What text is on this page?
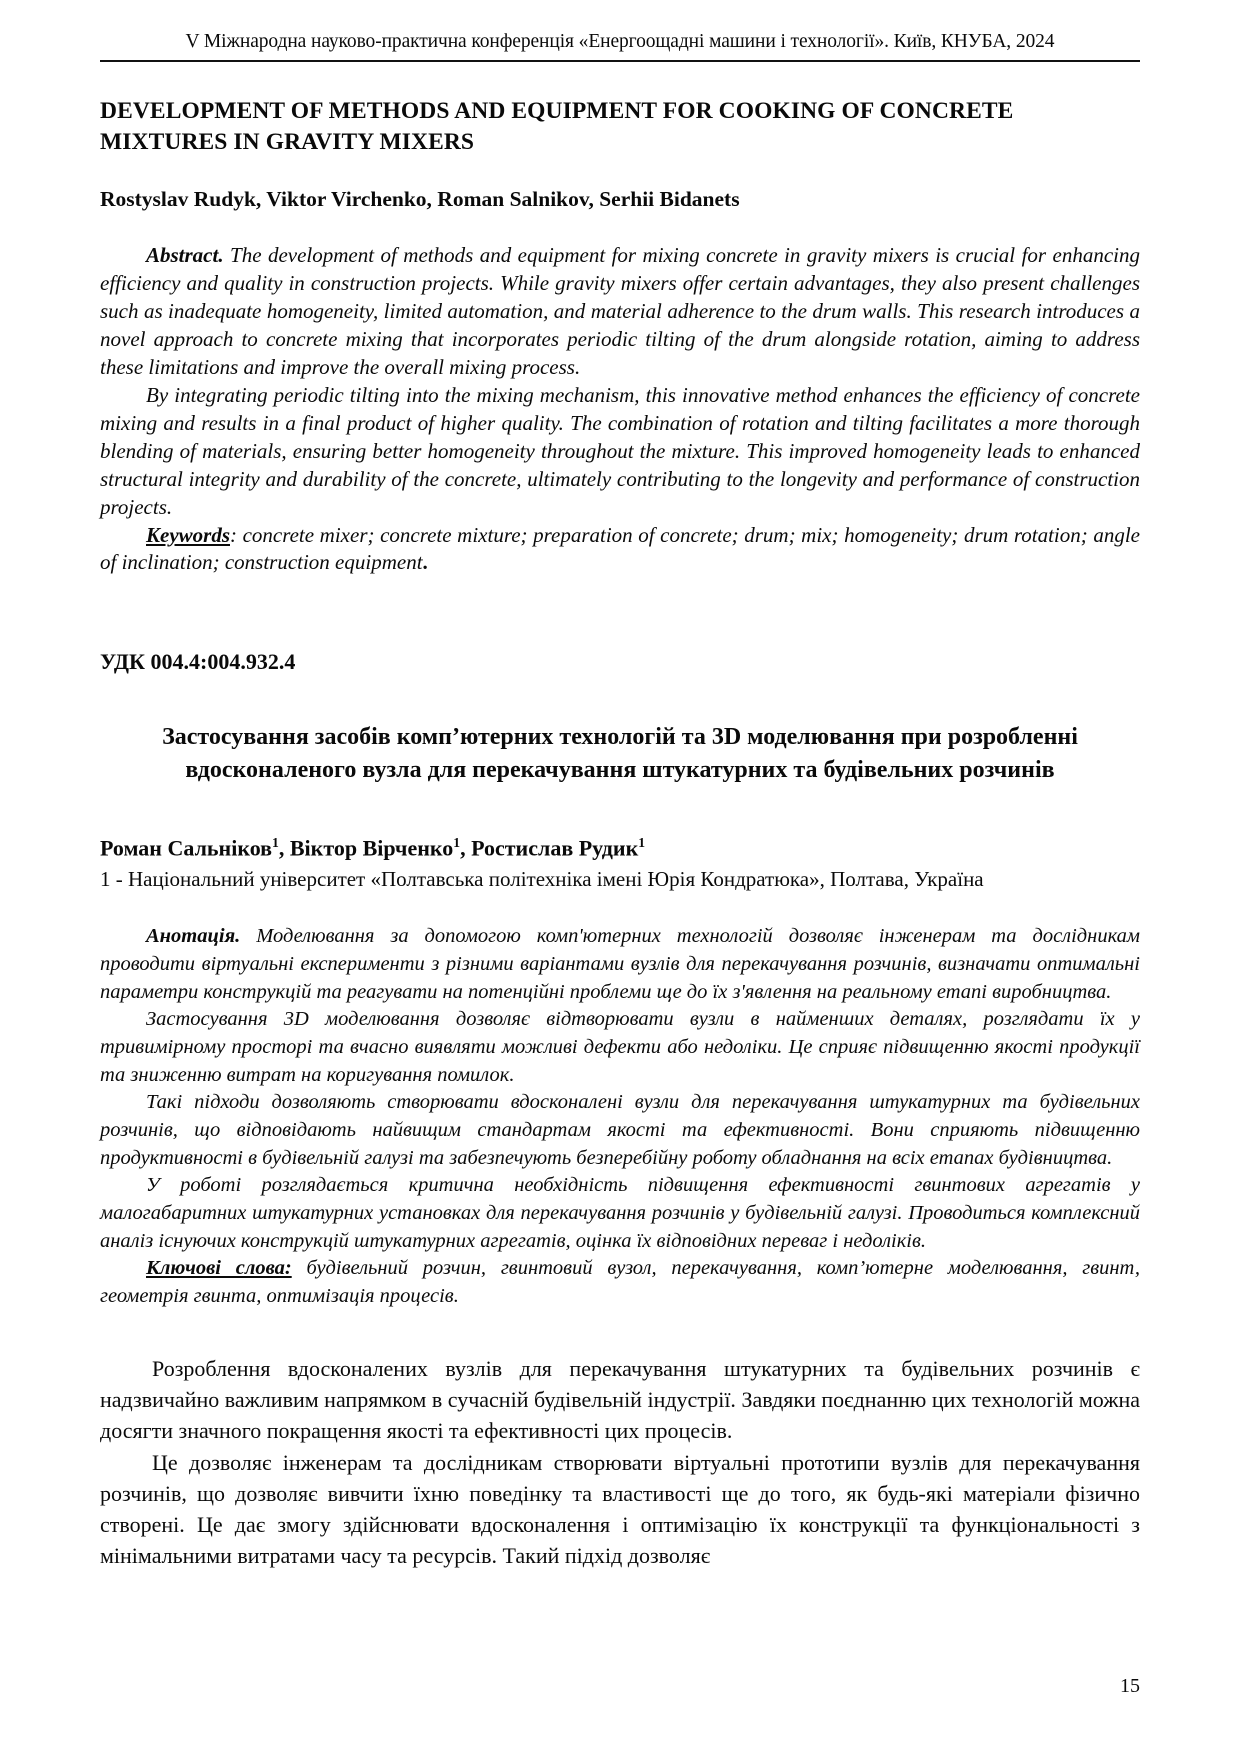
V Міжнародна науково-практична конференція «Енергоощадні машини і технології». Київ, КНУБА, 2024
DEVELOPMENT OF METHODS AND EQUIPMENT FOR COOKING OF CONCRETE MIXTURES IN GRAVITY MIXERS
Rostyslav Rudyk, Viktor Virchenko, Roman Salnikov, Serhii Bidanets

Abstract. The development of methods and equipment for mixing concrete in gravity mixers is crucial for enhancing efficiency and quality in construction projects. While gravity mixers offer certain advantages, they also present challenges such as inadequate homogeneity, limited automation, and material adherence to the drum walls. This research introduces a novel approach to concrete mixing that incorporates periodic tilting of the drum alongside rotation, aiming to address these limitations and improve the overall mixing process.

By integrating periodic tilting into the mixing mechanism, this innovative method enhances the efficiency of concrete mixing and results in a final product of higher quality. The combination of rotation and tilting facilitates a more thorough blending of materials, ensuring better homogeneity throughout the mixture. This improved homogeneity leads to enhanced structural integrity and durability of the concrete, ultimately contributing to the longevity and performance of construction projects.

Keywords: concrete mixer; concrete mixture; preparation of concrete; drum; mix; homogeneity; drum rotation; angle of inclination; construction equipment.

УДК 004.4:004.932.4
Застосування засобів комп’ютерних технологій та 3D моделювання при розробленні вдосконаленого вузла для перекачування штукатурних та будівельних розчинів
Роман Сальніков$^1$, Віктор Вірченко$^1$, Ростислав Рудик$^1$
1 - Національний університет «Полтавська політехніка імені Юрія Кондратюка», Полтава, Україна

Анотація. Моделювання за допомогою комп'ютерних технологій дозволяє інженерам та дослідникам проводити віртуальні експерименти з різними варіантами вузлів для перекачування розчинів, визначати оптимальні параметри конструкцій та реагувати на потенційні проблеми ще до їх з'явлення на реальному етапі виробництва.

Застосування 3D моделювання дозволяє відтворювати вузли в найменших деталях, розглядати їх у тривимірному просторі та вчасно виявляти можливі дефекти або недоліки. Це сприяє підвищенню якості продукції та зниженню витрат на коригування помилок.

Такі підходи дозволяють створювати вдосконалені вузли для перекачування штукатурних та будівельних розчинів, що відповідають найвищим стандартам якості та ефективності. Вони сприяють підвищенню продуктивності в будівельній галузі та забезпечують безперебійну роботу обладнання на всіх етапах будівництва.

У роботі розглядається критична необхідність підвищення ефективності гвинтових агрегатів у малогабаритних штукатурних установках для перекачування розчинів у будівельній галузі. Проводиться комплексний аналіз існуючих конструкцій штукатурних агрегатів, оцінка їх відповідних переваг і недоліків.

Ключові слова: будівельний розчин, гвинтовий вузол, перекачування, комп’ютерне моделювання, гвинт, геометрія гвинта, оптимізація процесів.

Розроблення вдосконалених вузлів для перекачування штукатурних та будівельних розчинів є надзвичайно важливим напрямком в сучасній будівельній індустрії. Завдяки поєднанню цих технологій можна досягти значного покращення якості та ефективності цих процесів.

Це дозволяє інженерам та дослідникам створювати віртуальні прототипи вузлів для перекачування розчинів, що дозволяє вивчити їхню поведінку та властивості ще до того, як будь-які матеріали фізично створені. Це дає змогу здійснювати вдосконалення і оптимізацію їх конструкції та функціональності з мінімальними витратами часу та ресурсів. Такий підхід дозволяє

15
